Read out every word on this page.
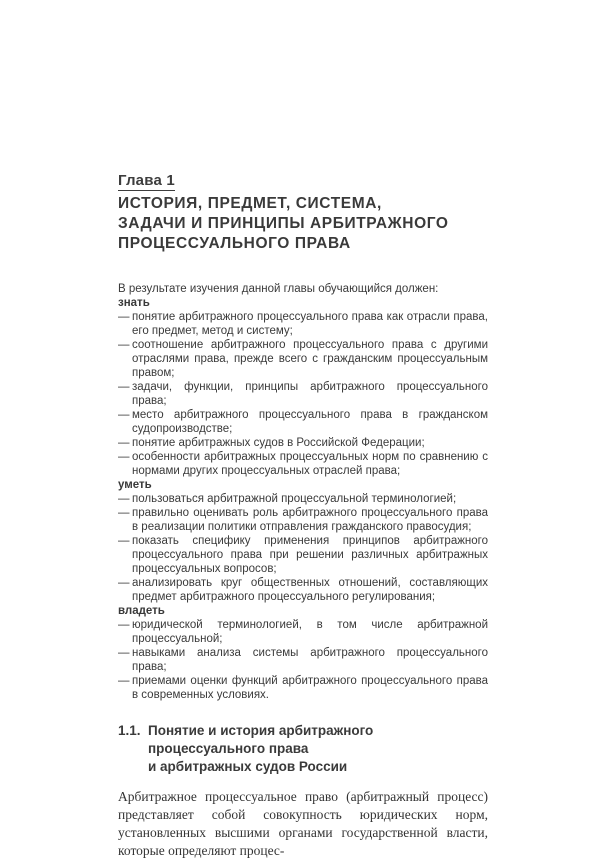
Глава 1
ИСТОРИЯ, ПРЕДМЕТ, СИСТЕМА,
ЗАДАЧИ И ПРИНЦИПЫ АРБИТРАЖНОГО
ПРОЦЕССУАЛЬНОГО ПРАВА
В результате изучения данной главы обучающийся должен:
знать
— понятие арбитражного процессуального права как отрасли права, его предмет, метод и систему;
— соотношение арбитражного процессуального права с другими отраслями права, прежде всего с гражданским процессуальным правом;
— задачи, функции, принципы арбитражного процессуального права;
— место арбитражного процессуального права в гражданском судопроизводстве;
— понятие арбитражных судов в Российской Федерации;
— особенности арбитражных процессуальных норм по сравнению с нормами других процессуальных отраслей права;
уметь
— пользоваться арбитражной процессуальной терминологией;
— правильно оценивать роль арбитражного процессуального права в реализации политики отправления гражданского правосудия;
— показать специфику применения принципов арбитражного процессуального права при решении различных арбитражных процессуальных вопросов;
— анализировать круг общественных отношений, составляющих предмет арбитражного процессуального регулирования;
владеть
— юридической терминологией, в том числе арбитражной процессуальной;
— навыками анализа системы арбитражного процессуального права;
— приемами оценки функций арбитражного процессуального права в современных условиях.
1.1. Понятие и история арбитражного процессуального права
и арбитражных судов России
Арбитражное процессуальное право (арбитражный процесс) представляет собой совокупность юридических норм, установленных высшими органами государственной власти, которые определяют процес-
